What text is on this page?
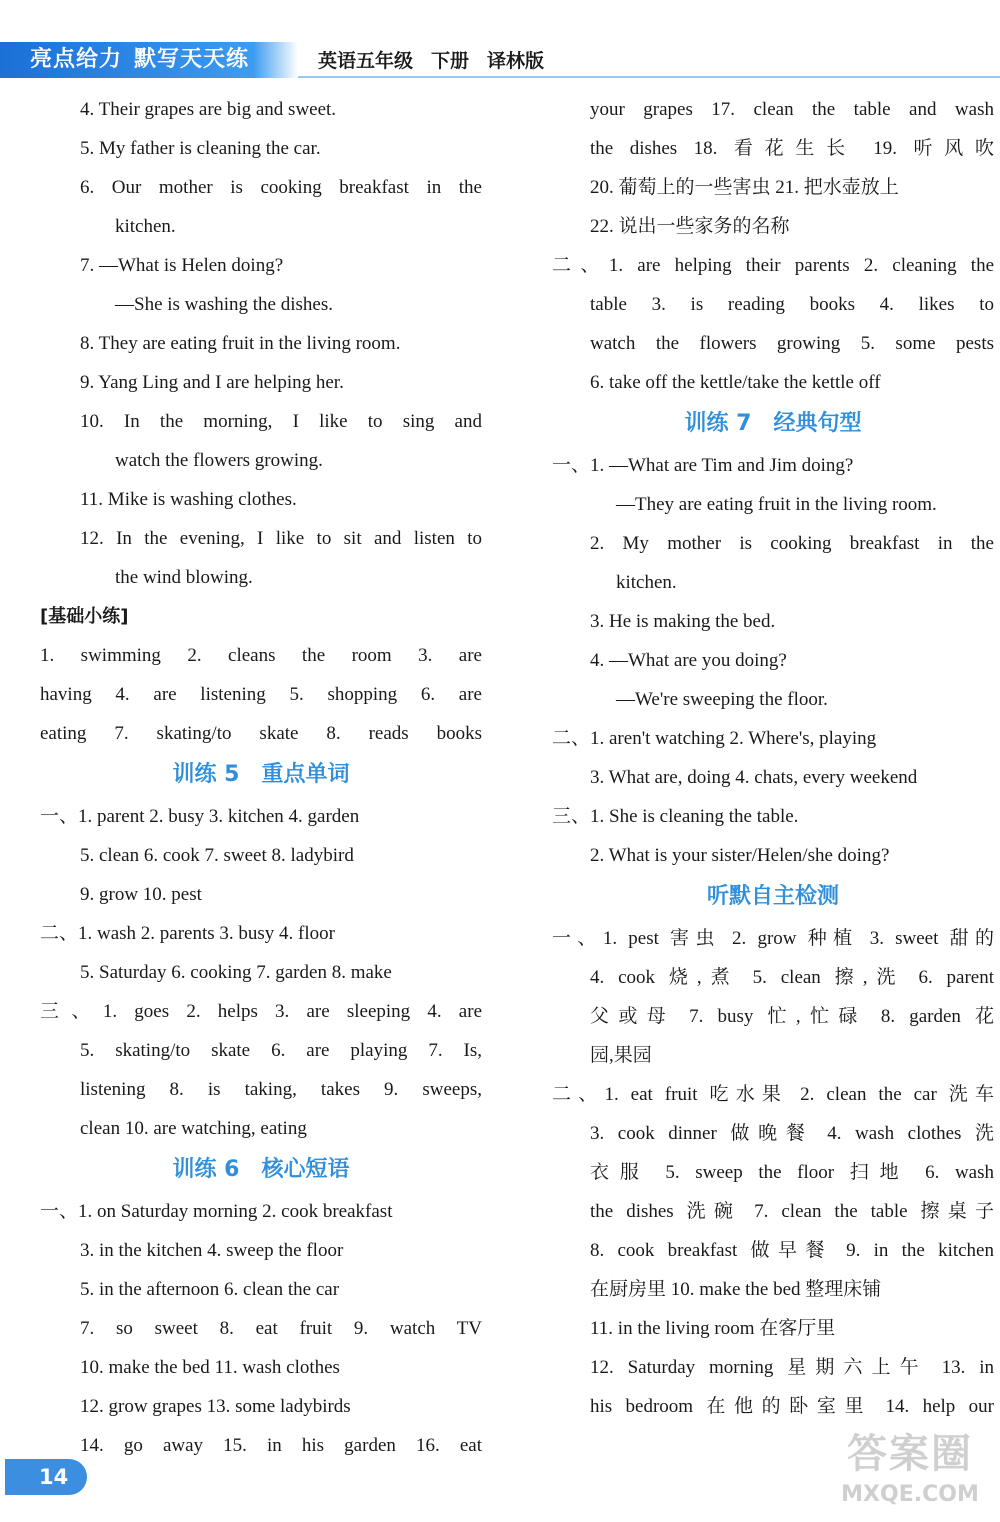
亮点给力 默写天天练	英语五年级 下册 译林版
4. Their grapes are big and sweet.
5. My father is cleaning the car.
6. Our mother is cooking breakfast in the
kitchen.
7. —What is Helen doing?
—She is washing the dishes.
8. They are eating fruit in the living room.
9. Yang Ling and I are helping her.
10. In the morning, I like to sing and
watch the flowers growing.
11. Mike is washing clothes.
12. In the evening, I like to sit and listen to
the wind blowing.
[基础小练]
1. swimming 2. cleans the room 3. are
having 4. are listening 5. shopping 6. are
eating 7. skating/to skate 8. reads books
训练 5 重点单词
一、1. parent 2. busy 3. kitchen 4. garden
5. clean 6. cook 7. sweet 8. ladybird
9. grow 10. pest
二、1. wash 2. parents 3. busy 4. floor
5. Saturday 6. cooking 7. garden 8. make
三、1. goes 2. helps 3. are sleeping 4. are
5. skating/to skate 6. are playing 7. Is,
listening 8. is taking, takes 9. sweeps,
clean 10. are watching, eating
训练 6 核心短语
一、1. on Saturday morning 2. cook breakfast
3. in the kitchen 4. sweep the floor
5. in the afternoon 6. clean the car
7. so sweet 8. eat fruit 9. watch TV
10. make the bed 11. wash clothes
12. grow grapes 13. some ladybirds
14. go away 15. in his garden 16. eat
your grapes 17. clean the table and wash
the dishes 18. 看花生长 19. 听风吹
20. 葡萄上的一些害虫 21. 把水壶放上
22. 说出一些家务的名称
二、1. are helping their parents 2. cleaning the
table 3. is reading books 4. likes to
watch the flowers growing 5. some pests
6. take off the kettle/take the kettle off
训练 7 经典句型
一、1. —What are Tim and Jim doing?
—They are eating fruit in the living room.
2. My mother is cooking breakfast in the
kitchen.
3. He is making the bed.
4. —What are you doing?
—We're sweeping the floor.
二、1. aren't watching 2. Where's, playing
3. What are, doing 4. chats, every weekend
三、1. She is cleaning the table.
2. What is your sister/Helen/she doing?
听默自主检测
一、1. pest 害虫 2. grow 种植 3. sweet 甜的
4. cook 烧,煮 5. clean 擦,洗 6. parent
父或母 7. busy 忙,忙碌 8. garden 花
园,果园
二、1. eat fruit 吃水果 2. clean the car 洗车
3. cook dinner 做晚餐 4. wash clothes 洗
衣服 5. sweep the floor 扫地 6. wash
the dishes 洗碗 7. clean the table 擦桌子
8. cook breakfast 做早餐 9. in the kitchen
在厨房里 10. make the bed 整理床铺
11. in the living room 在客厅里
12. Saturday morning 星期六上午 13. in
his bedroom 在他的卧室里 14. help our
14	答案圈
MXQE.COM
